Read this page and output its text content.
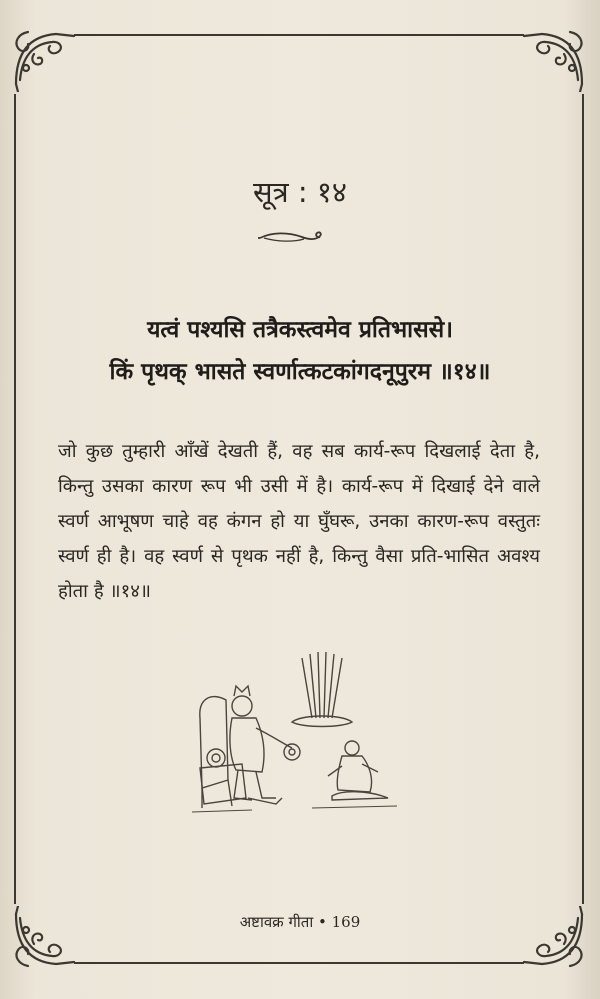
सूत्र : १४
यत्वं पश्यसि तत्रैकस्त्वमेव प्रतिभाससे।
किं पृथक् भासते स्वर्णात्कटकांगदनूपुरम ॥१४॥
जो कुछ तुम्हारी आँखें देखती हैं, वह सब कार्य-रूप दिखलाई देता है, किन्तु उसका कारण रूप भी उसी में है। कार्य-रूप में दिखाई देने वाले स्वर्ण आभूषण चाहे वह कंगन हो या घुँघरू, उनका कारण-रूप वस्तुतः स्वर्ण ही है। वह स्वर्ण से पृथक नहीं है, किन्तु वैसा प्रति-भासित अवश्य होता है ॥१४॥
अष्टावक्र गीता • 169
